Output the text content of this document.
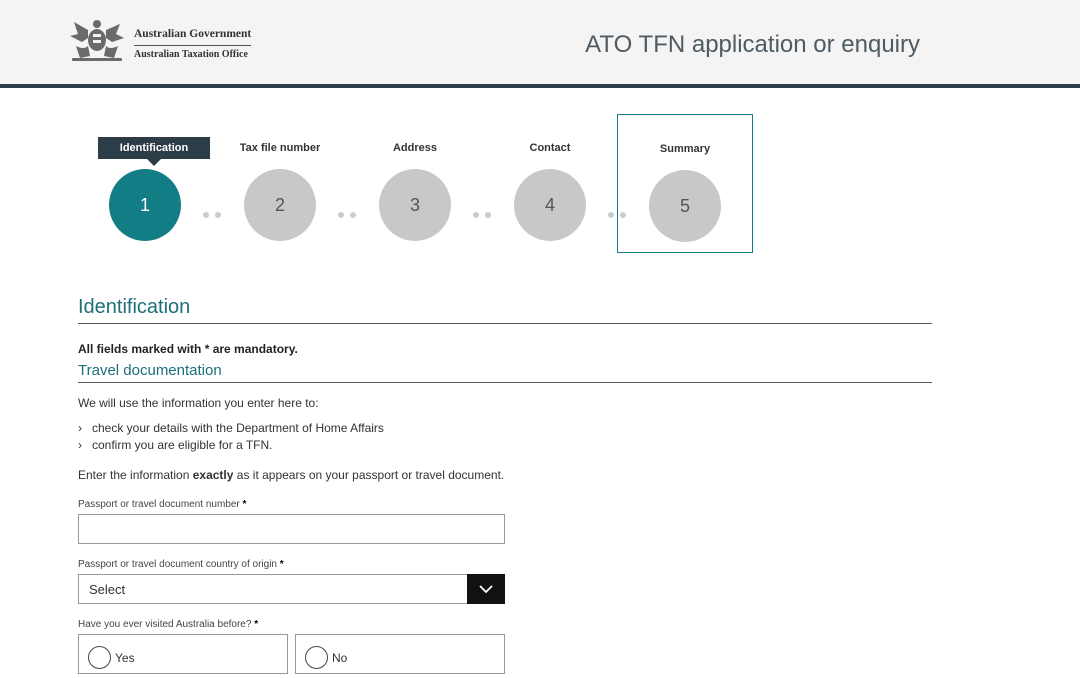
Australian Government
Australian Taxation Office	ATO TFN application or enquiry
Identification
1
Tax file number
2
Address
3
Contact
4
Summary
5
Identification
All fields marked with * are mandatory.
Travel documentation
We will use the information you enter here to:
› check your details with the Department of Home Affairs
› confirm you are eligible for a TFN.
Enter the information exactly as it appears on your passport or travel document.
Passport or travel document number *
Passport or travel document country of origin *
Select
Have you ever visited Australia before? *
Yes	No
